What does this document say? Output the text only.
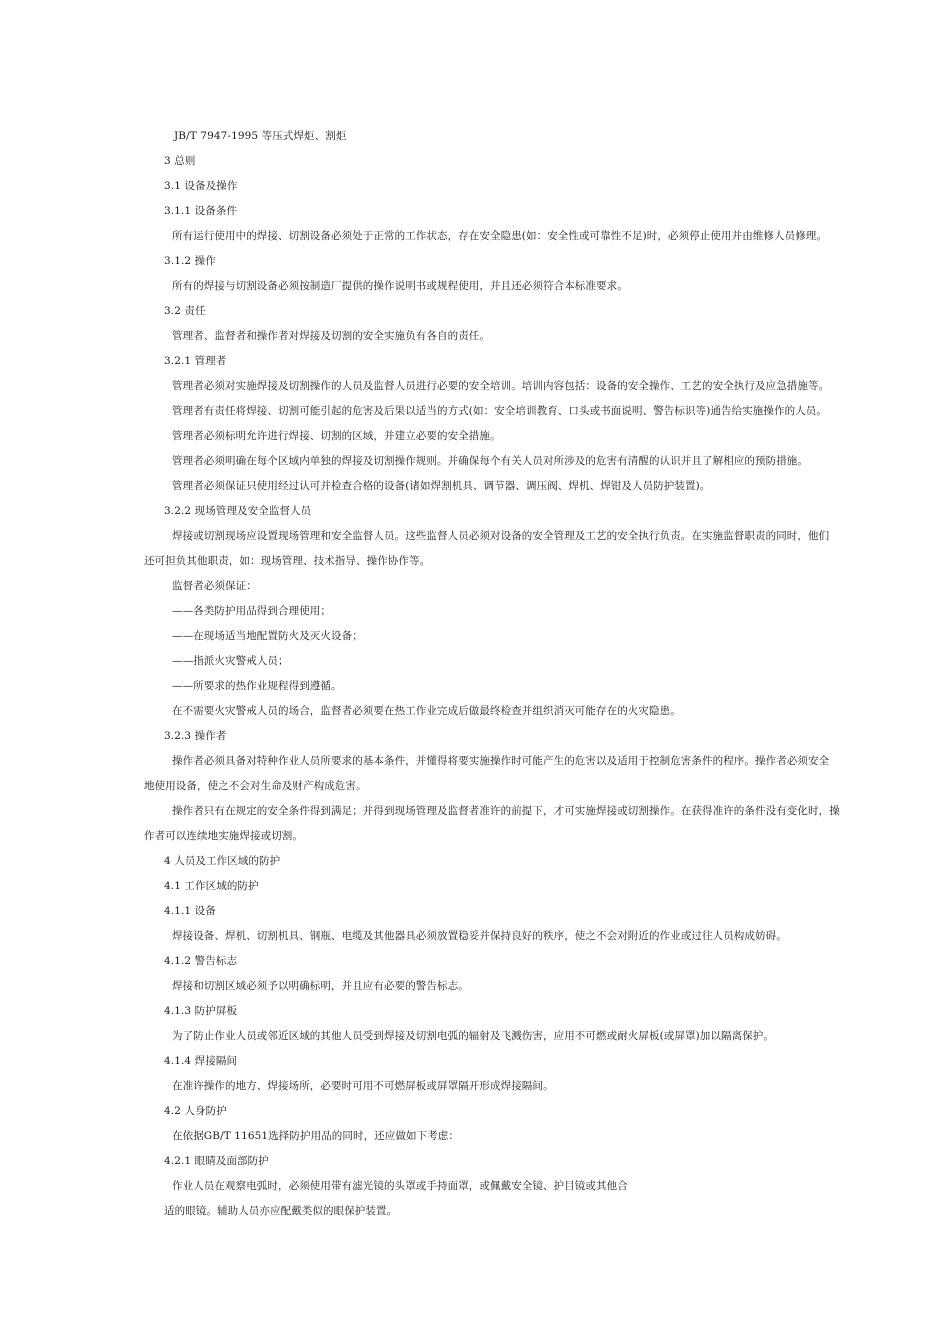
JB/T 7947-1995 等压式焊炬、割炬
3 总则
3.1 设备及操作
3.1.1 设备条件
所有运行使用中的焊接、切割设备必须处于正常的工作状态，存在安全隐患(如：安全性或可靠性不足)时，必须停止使用并由维修人员修理。
3.1.2 操作
所有的焊接与切割设备必须按制造厂提供的操作说明书或规程使用，并且还必须符合本标准要求。
3.2 责任
管理者、监督者和操作者对焊接及切割的安全实施负有各自的责任。
3.2.1 管理者
管理者必须对实施焊接及切割操作的人员及监督人员进行必要的安全培训。培训内容包括：设备的安全操作、工艺的安全执行及应急措施等。
管理者有责任将焊接、切割可能引起的危害及后果以适当的方式(如：安全培训教育、口头或书面说明、警告标识等)通告给实施操作的人员。
管理者必须标明允许进行焊接、切割的区域，并建立必要的安全措施。
管理者必须明确在每个区域内单独的焊接及切割操作规则。并确保每个有关人员对所涉及的危害有清醒的认识并且了解相应的预防措施。
管理者必须保证只使用经过认可并检查合格的设备(诸如焊割机具、调节器、调压阀、焊机、焊钳及人员防护装置)。
3.2.2 现场管理及安全监督人员
焊接或切割现场应设置现场管理和安全监督人员。这些监督人员必须对设备的安全管理及工艺的安全执行负责。在实施监督职责的同时，他们
还可担负其他职责，如：现场管理、技术指导、操作协作等。
监督者必须保证：
——各类防护用品得到合理使用；
——在现场适当地配置防火及灭火设备；
——指派火灾警戒人员；
——所要求的热作业规程得到遵循。
在不需要火灾警戒人员的场合，监督者必须要在热工作业完成后做最终检查并组织消灭可能存在的火灾隐患。
3.2.3 操作者
操作者必须具备对特种作业人员所要求的基本条件，并懂得将要实施操作时可能产生的危害以及适用于控制危害条件的程序。操作者必须安全
地使用设备，使之不会对生命及财产构成危害。
操作者只有在规定的安全条件得到满足；并得到现场管理及监督者准许的前提下，才可实施焊接或切割操作。在获得准许的条件没有变化时，操
作者可以连续地实施焊接或切割。
4 人员及工作区域的防护
4.1 工作区域的防护
4.1.1 设备
焊接设备、焊机、切割机具、钢瓶、电缆及其他器具必须放置稳妥并保持良好的秩序，使之不会对附近的作业或过往人员构成妨碍。
4.1.2 警告标志
焊接和切割区域必须予以明确标明，并且应有必要的警告标志。
4.1.3 防护屏板
为了防止作业人员或邻近区域的其他人员受到焊接及切割电弧的辐射及飞溅伤害，应用不可燃或耐火屏板(或屏罩)加以隔离保护。
4.1.4 焊接隔间
在准许操作的地方、焊接场所，必要时可用不可燃屏板或屏罩隔开形成焊接隔间。
4.2 人身防护
在依据GB/T 11651选择防护用品的同时，还应做如下考虑：
4.2.1 眼睛及面部防护
作业人员在观察电弧时，必须使用带有滤光镜的头罩或手持面罩，或佩戴安全镜、护目镜或其他合
适的眼镜。辅助人员亦应配戴类似的眼保护装置。
